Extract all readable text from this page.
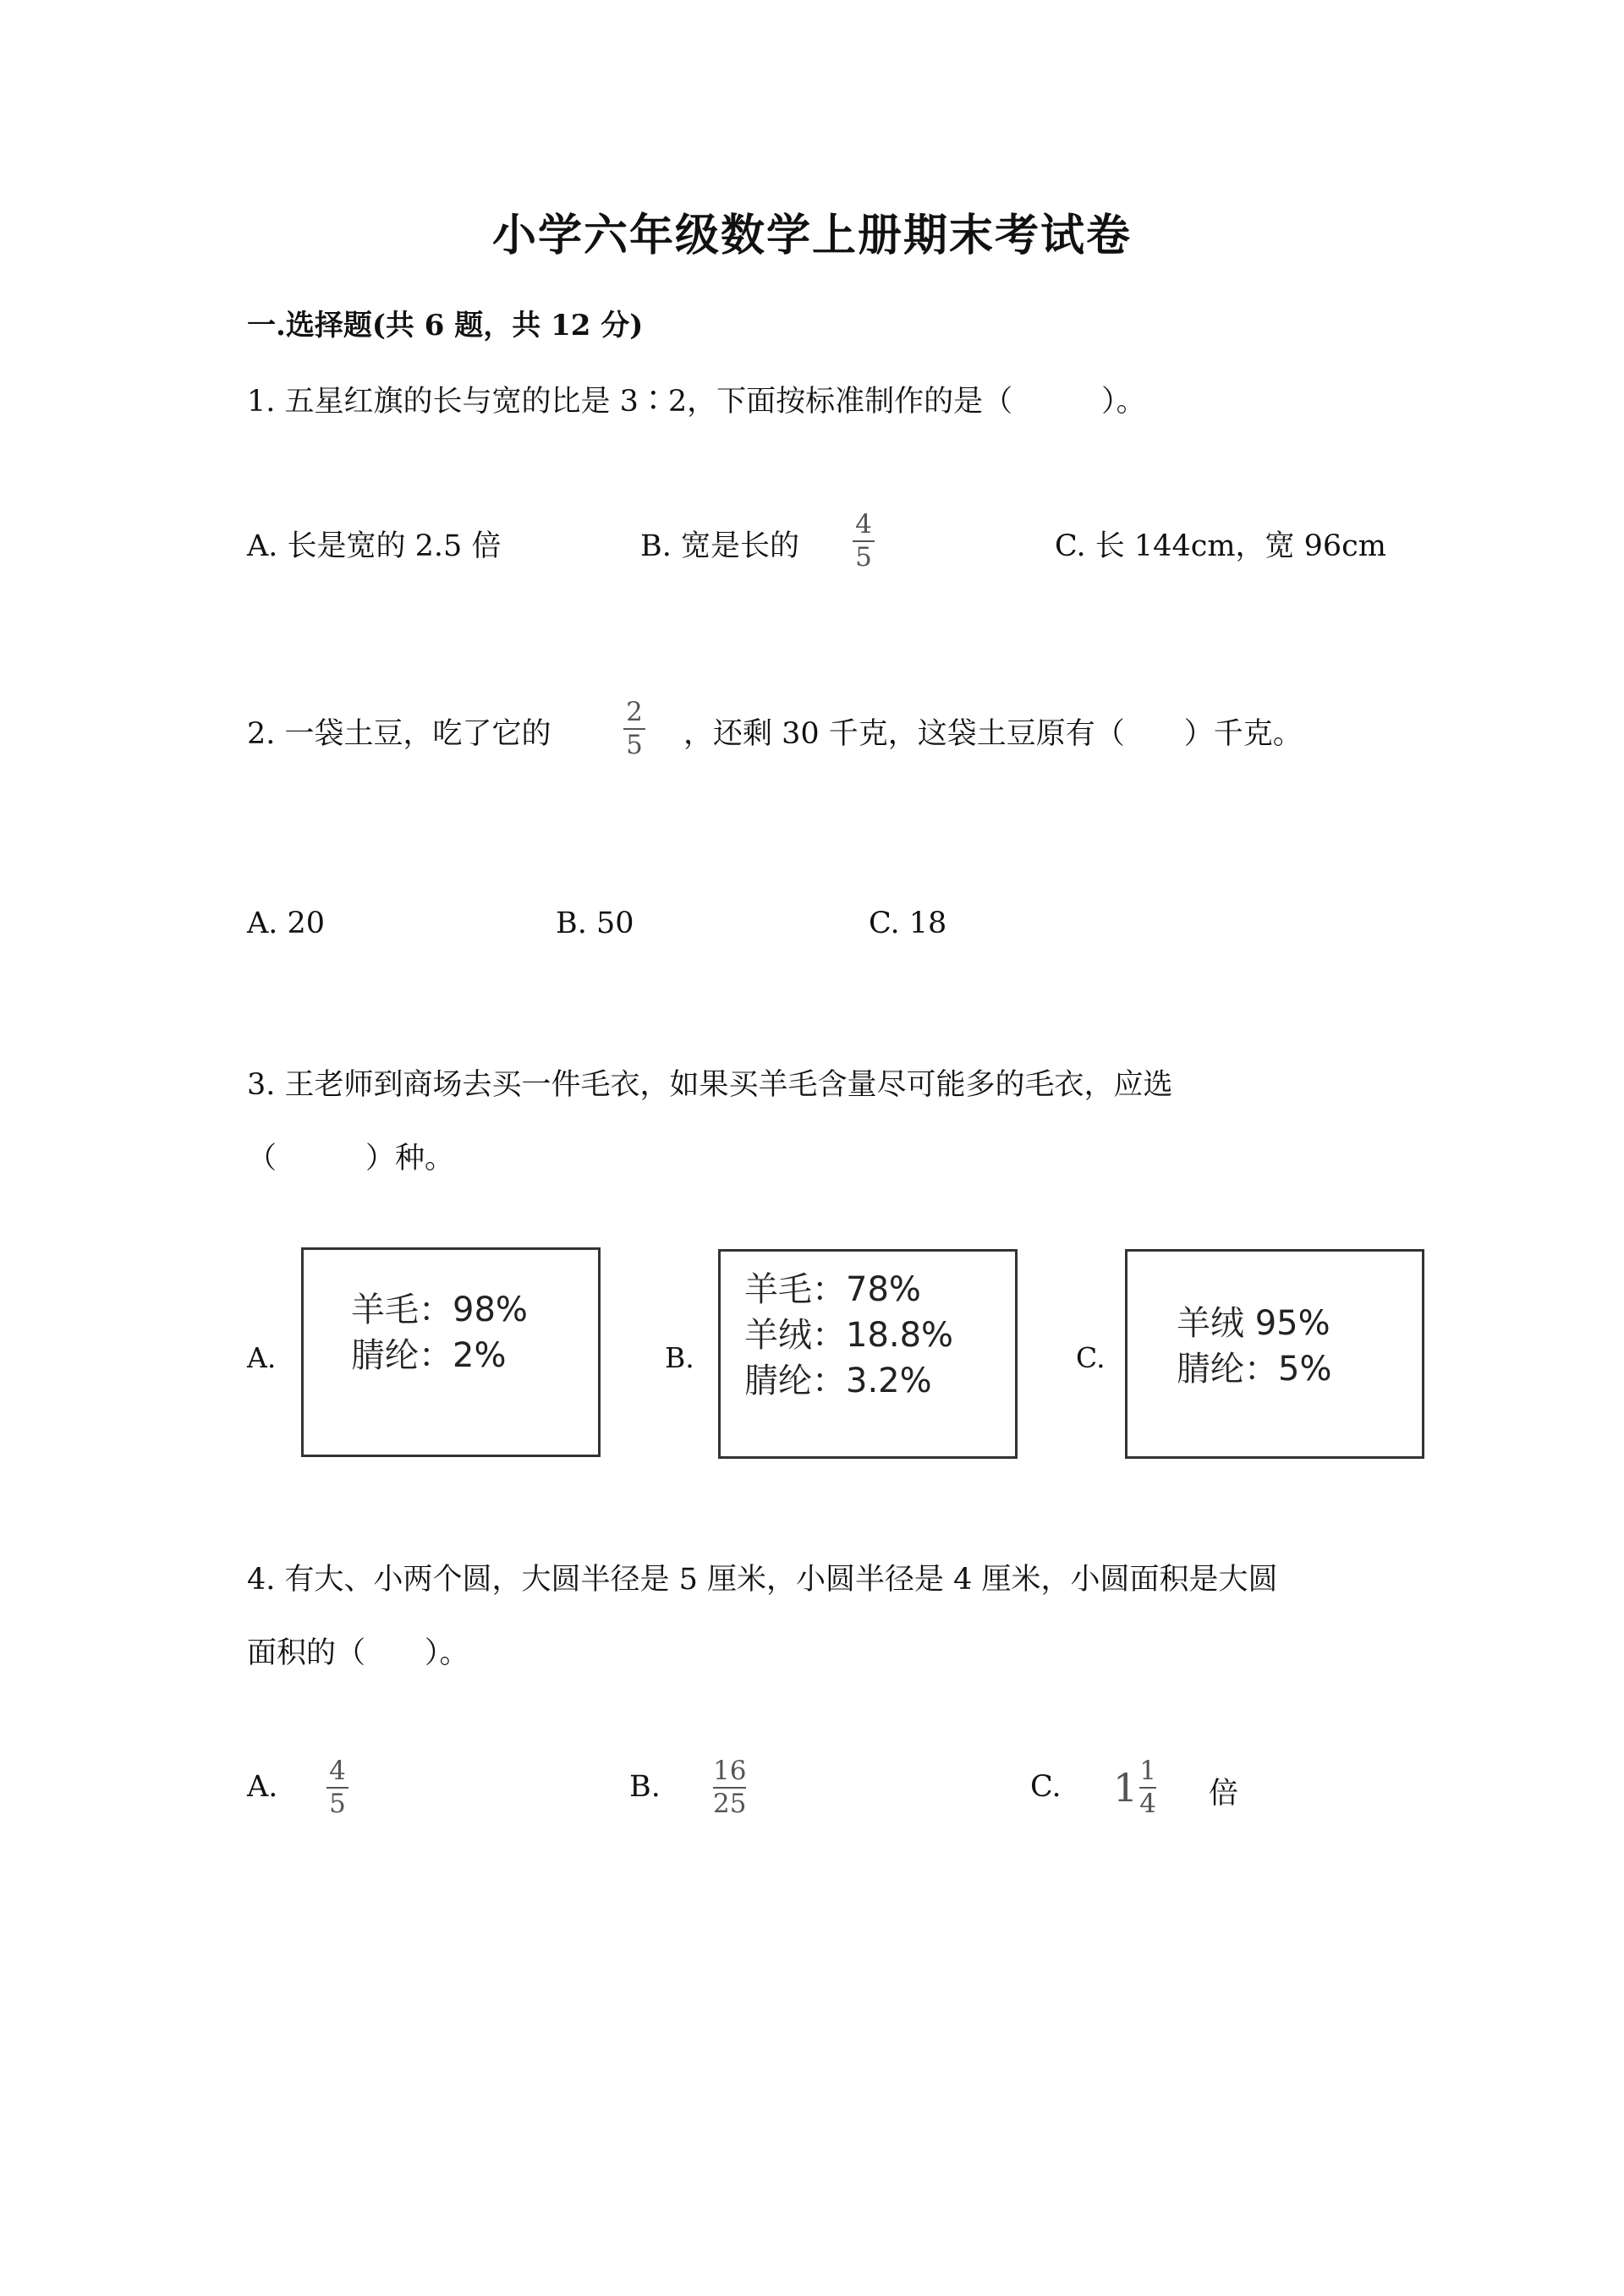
小学六年级数学上册期末考试卷
一.选择题(共 6 题，共 12 分)
1. 五星红旗的长与宽的比是 3∶2，下面按标准制作的是（　　　）。
A. 长是宽的 2.5 倍	B. 宽是长的
4
5	C. 长 144cm，宽 96cm
2. 一袋土豆，吃了它的
2
5 ，还剩 30 千克，这袋土豆原有（　　）千克。
A. 20	B. 50	C. 18
3. 王老师到商场去买一件毛衣，如果买羊毛含量尽可能多的毛衣，应选
（　　　）种。
A.
羊毛：98%
腈纶：2%	B.
羊毛：78%
羊绒：18.8%
腈纶：3.2%
C.
羊绒 95%
腈纶：5%
4. 有大、小两个圆，大圆半径是 5 厘米，小圆半径是 4 厘米，小圆面积是大圆
面积的（　　）。
A. 4
5	B. 16
25	C. $1 \frac{1}{4}$ 倍
